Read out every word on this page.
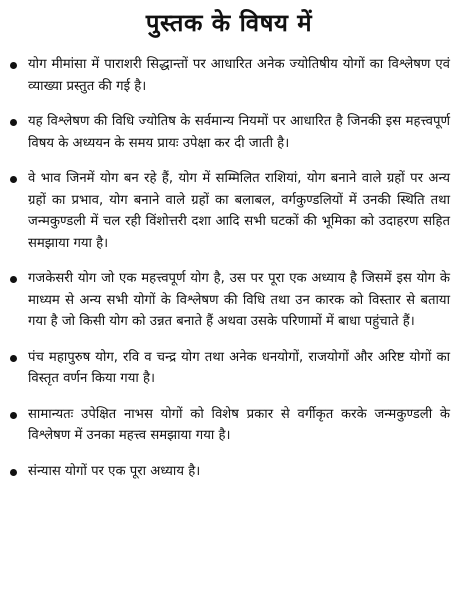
पुस्तक के विषय में
योग मीमांसा में पाराशरी सिद्धान्तों पर आधारित अनेक ज्योतिषीय योगों का विश्लेषण एवं व्याख्या प्रस्तुत की गई है।
यह विश्लेषण की विधि ज्योतिष के सर्वमान्य नियमों पर आधारित है जिनकी इस महत्त्वपूर्ण विषय के अध्ययन के समय प्रायः उपेक्षा कर दी जाती है।
वे भाव जिनमें योग बन रहे हैं, योग में सम्मिलित राशियां, योग बनाने वाले ग्रहों पर अन्य ग्रहों का प्रभाव, योग बनाने वाले ग्रहों का बलाबल, वर्गकुण्डलियों में उनकी स्थिति तथा जन्मकुण्डली में चल रही विंशोत्तरी दशा आदि सभी घटकों की भूमिका को उदाहरण सहित समझाया गया है।
गजकेसरी योग जो एक महत्त्वपूर्ण योग है, उस पर पूरा एक अध्याय है जिसमें इस योग के माध्यम से अन्य सभी योगों के विश्लेषण की विधि तथा उन कारक को विस्तार से बताया गया है जो किसी योग को उन्नत बनाते हैं अथवा उसके परिणामों में बाधा पहुंचाते हैं।
पंच महापुरुष योग, रवि व चन्द्र योग तथा अनेक धनयोगों, राजयोगों और अरिष्ट योगों का विस्तृत वर्णन किया गया है।
सामान्यतः उपेक्षित नाभस योगों को विशेष प्रकार से वर्गीकृत करके जन्मकुण्डली के विश्लेषण में उनका महत्त्व समझाया गया है।
संन्यास योगों पर एक पूरा अध्याय है।
